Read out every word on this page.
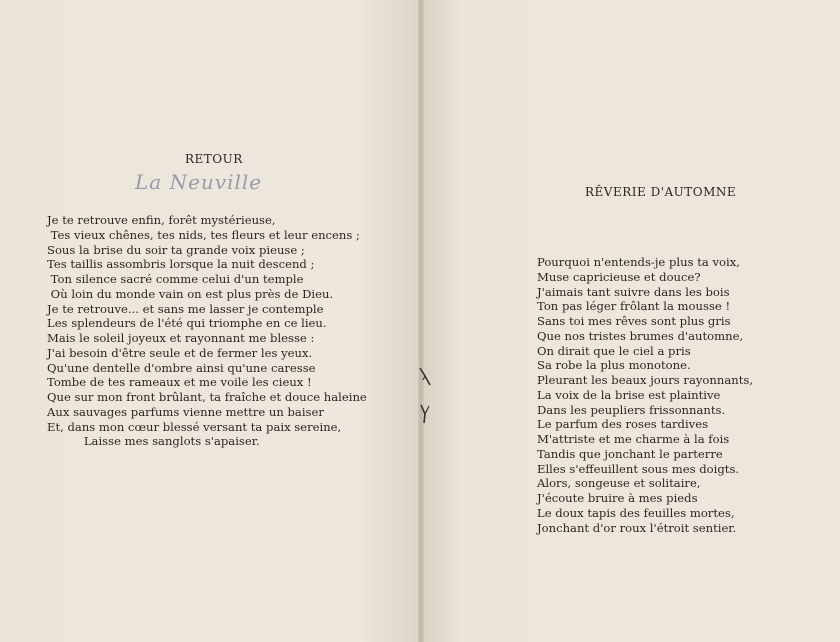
RETOUR
La Neuville
Je te retrouve enfin, forêt mystérieuse,
Tes vieux chênes, tes nids, tes fleurs et leur encens ;
Sous la brise du soir ta grande voix pieuse ;
Tes taillis assombris lorsque la nuit descend ;
Ton silence sacré comme celui d'un temple
Où loin du monde vain on est plus près de Dieu.
Je te retrouve... et sans me lasser je contemple
Les splendeurs de l'été qui triomphe en ce lieu.
Mais le soleil joyeux et rayonnant me blesse :
J'ai besoin d'être seule et de fermer les yeux.
Qu'une dentelle d'ombre ainsi qu'une caresse
Tombe de tes rameaux et me voile les cieux !
Que sur mon front brûlant, ta fraîche et douce haleine
Aux sauvages parfums vienne mettre un baiser
Et, dans mon cœur blessé versant ta paix sereine,
Laisse mes sanglots s'apaiser.
RÊVERIE D'AUTOMNE
Pourquoi n'entends-je plus ta voix,
Muse capricieuse et douce?
J'aimais tant suivre dans les bois
Ton pas léger frôlant la mousse !
Sans toi mes rêves sont plus gris
Que nos tristes brumes d'automne,
On dirait que le ciel a pris
Sa robe la plus monotone.
Pleurant les beaux jours rayonnants,
La voix de la brise est plaintive
Dans les peupliers frissonnants.
Le parfum des roses tardives
M'attriste et me charme à la fois
Tandis que jonchant le parterre
Elles s'effeuillent sous mes doigts.
Alors, songeuse et solitaire,
J'écoute bruire à mes pieds
Le doux tapis des feuilles mortes,
Jonchant d'or roux l'étroit sentier.
